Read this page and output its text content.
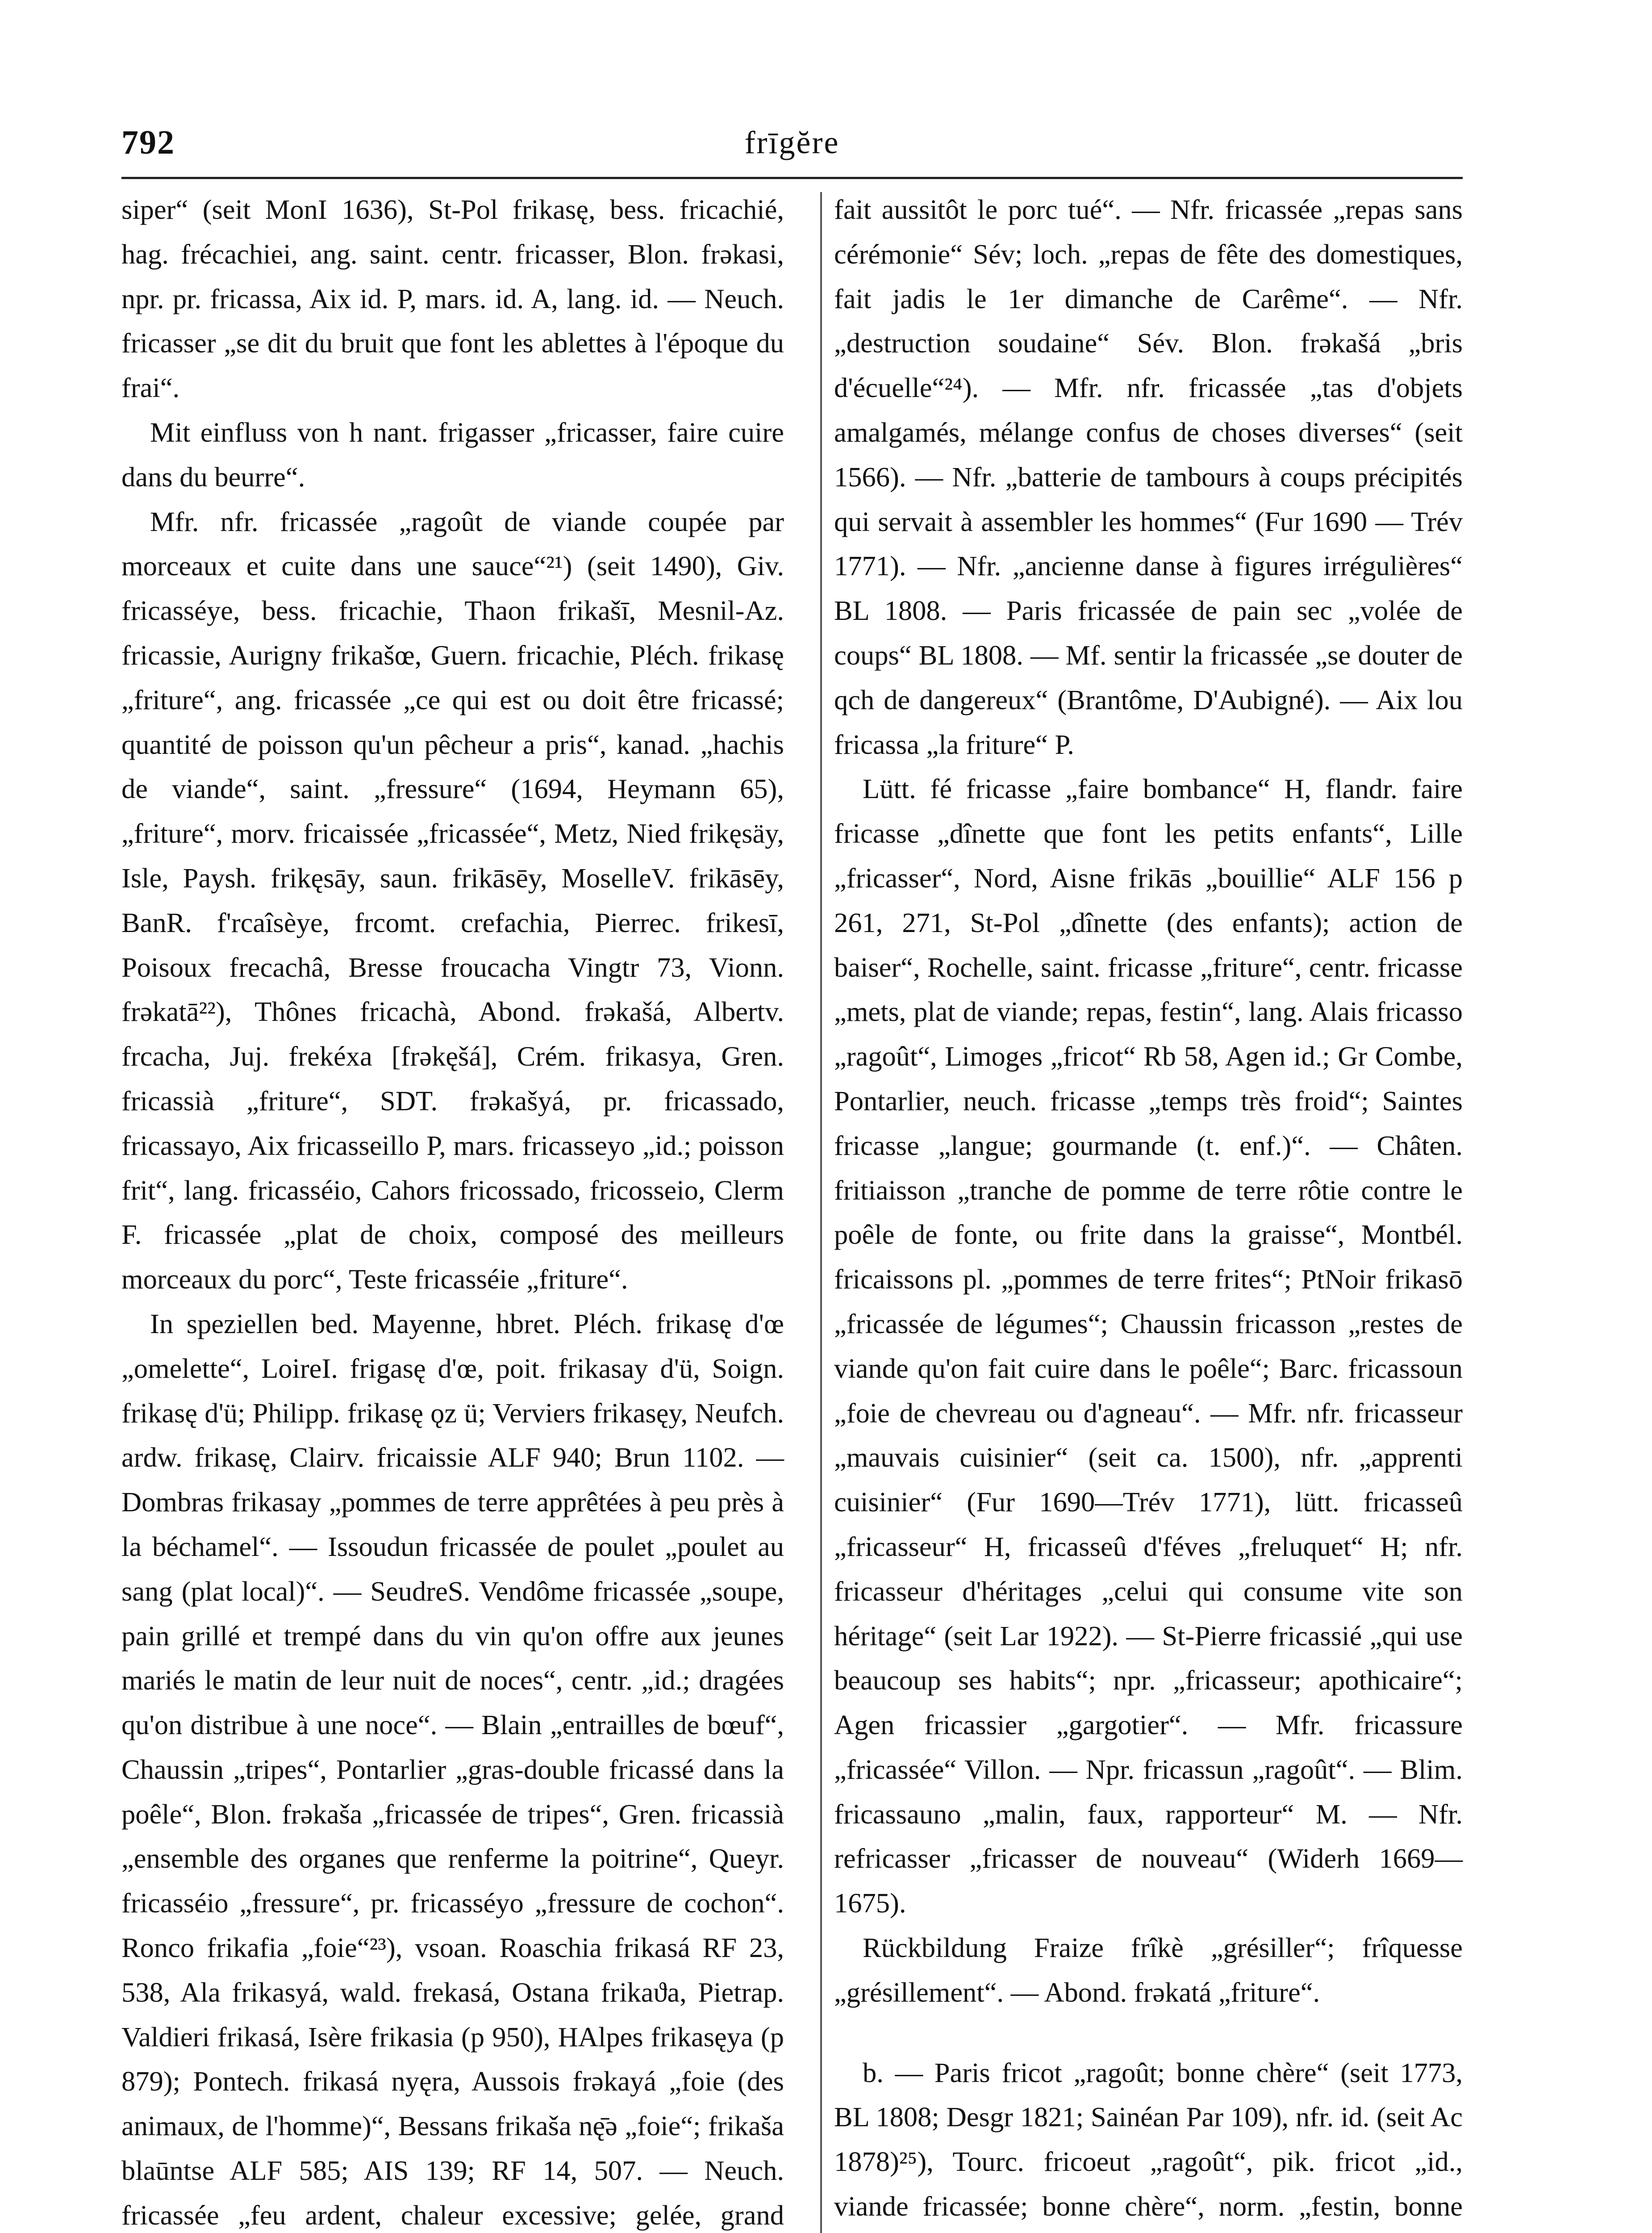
792	frīgĕre

siper“ (seit MonI 1636), St-Pol frikasę, bess. fricachié, hag. frécachiei, ang. saint. centr. fricasser, Blon. frəkasi, npr. pr. fricassa, Aix id. P, mars. id. A, lang. id. — Neuch. fricasser „se dit du bruit que font les ablettes à l'époque du frai“.

Mit einfluss von h nant. frigasser „fricasser, faire cuire dans du beurre“.

Mfr. nfr. fricassée „ragoût de viande coupée par morceaux et cuite dans une sauce“²¹) (seit 1490), Giv. fricasséye, bess. fricachie, Thaon frikašī, Mesnil-Az. fricassie, Aurigny frikašœ, Guern. fricachie, Pléch. frikasę „friture“, ang. fricassée „ce qui est ou doit être fricassé; quantité de poisson qu'un pêcheur a pris“, kanad. „hachis de viande“, saint. „fressure“ (1694, Heymann 65), „friture“, morv. fricaissée „fricassée“, Metz, Nied frikęsäy, Isle, Paysh. frikęsāy, saun. frikāsēy, MoselleV. frikāsēy, BanR. f'rcaîsèye, frcomt. crefachia, Pierrec. frikesī, Poisoux frecachâ, Bresse froucacha Vingtr 73, Vionn. frəkatā²²), Thônes fricachà, Abond. frəkašá, Albertv. frcacha, Juj. frekéxa [frəkęšá], Crém. frikasya, Gren. fricassià „friture“, SDT. frəkašyá, pr. fricassado, fricassayo, Aix fricasseillo P, mars. fricasseyo „id.; poisson frit“, lang. fricasséio, Cahors fricossado, fricosseio, Clerm F. fricassée „plat de choix, composé des meilleurs morceaux du porc“, Teste fricasséie „friture“.

In speziellen bed. Mayenne, hbret. Pléch. frikasę d'œ „omelette“, LoireI. frigasę d'œ, poit. frikasay d'ü, Soign. frikasę d'ü; Philipp. frikasę ǫz ü; Verviers frikasęy, Neufch. ardw. frikasę, Clairv. fricaissie ALF 940; Brun 1102. — Dombras frikasay „pommes de terre apprêtées à peu près à la béchamel“. — Issoudun fricassée de poulet „poulet au sang (plat local)“. — SeudreS. Vendôme fricassée „soupe, pain grillé et trempé dans du vin qu'on offre aux jeunes mariés le matin de leur nuit de noces“, centr. „id.; dragées qu'on distribue à une noce“. — Blain „entrailles de bœuf“, Chaussin „tripes“, Pontarlier „gras-double fricassé dans la poêle“, Blon. frəkaša „fricassée de tripes“, Gren. fricassià „ensemble des organes que renferme la poitrine“, Queyr. fricasséio „fressure“, pr. fricasséyo „fressure de cochon“. Ronco frikafia „foie“²³), vsoan. Roaschia frikasá RF 23, 538, Ala frikasyá, wald. frekasá, Ostana frikaϑa, Pietrap. Valdieri frikasá, Isère frikasia (p 950), HAlpes frikasęya (p 879); Pontech. frikasá nyęra, Aussois frəkayá „foie (des animaux, de l'homme)“, Bessans frikaša nę̄ə „foie“; frikaša blaūntse ALF 585; AIS 139; RF 14, 507. — Neuch. fricassée „feu ardent, chaleur excessive; gelée, grand

fait aussitôt le porc tué“. — Nfr. fricassée „repas sans cérémonie“ Sév; loch. „repas de fête des domestiques, fait jadis le 1er dimanche de Carême“. — Nfr. „destruction soudaine“ Sév. Blon. frəkašá „bris d'écuelle“²⁴). — Mfr. nfr. fricassée „tas d'objets amalgamés, mélange confus de choses diverses“ (seit 1566). — Nfr. „batterie de tambours à coups précipités qui servait à assembler les hommes“ (Fur 1690 — Trév 1771). — Nfr. „ancienne danse à figures irrégulières“ BL 1808. — Paris fricassée de pain sec „volée de coups“ BL 1808. — Mf. sentir la fricassée „se douter de qch de dangereux“ (Brantôme, D'Aubigné). — Aix lou fricassa „la friture“ P.

Lütt. fé fricasse „faire bombance“ H, flandr. faire fricasse „dînette que font les petits enfants“, Lille „fricasser“, Nord, Aisne frikās „bouillie“ ALF 156 p 261, 271, St-Pol „dînette (des enfants); action de baiser“, Rochelle, saint. fricasse „friture“, centr. fricasse „mets, plat de viande; repas, festin“, lang. Alais fricasso „ragoût“, Limoges „fricot“ Rb 58, Agen id.; Gr Combe, Pontarlier, neuch. fricasse „temps très froid“; Saintes fricasse „langue; gourmande (t. enf.)“. — Châten. fritiaisson „tranche de pomme de terre rôtie contre le poêle de fonte, ou frite dans la graisse“, Montbél. fricaissons pl. „pommes de terre frites“; PtNoir frikasō „fricassée de légumes“; Chaussin fricasson „restes de viande qu'on fait cuire dans le poêle“; Barc. fricassoun „foie de chevreau ou d'agneau“. — Mfr. nfr. fricasseur „mauvais cuisinier“ (seit ca. 1500), nfr. „apprenti cuisinier“ (Fur 1690—Trév 1771), lütt. fricasseû „fricasseur“ H, fricasseû d'féves „freluquet“ H; nfr. fricasseur d'héritages „celui qui consume vite son héritage“ (seit Lar 1922). — St-Pierre fricassié „qui use beaucoup ses habits“; npr. „fricasseur; apothicaire“; Agen fricassier „gargotier“. — Mfr. fricassure „fricassée“ Villon. — Npr. fricassun „ragoût“. — Blim. fricassauno „malin, faux, rapporteur“ M. — Nfr. refricasser „fricasser de nouveau“ (Widerh 1669—1675).

Rückbildung Fraize frîkè „grésiller“; frîquesse „grésillement“. — Abond. frəkatá „friture“.

b. — Paris fricot „ragoût; bonne chère“ (seit 1773, BL 1808; Desgr 1821; Sainéan Par 109), nfr. id. (seit Ac 1878)²⁵), Tourc. fricoeut „ragoût“, pik. fricot „id., viande fricassée; bonne chère“, norm. „festin, bonne
